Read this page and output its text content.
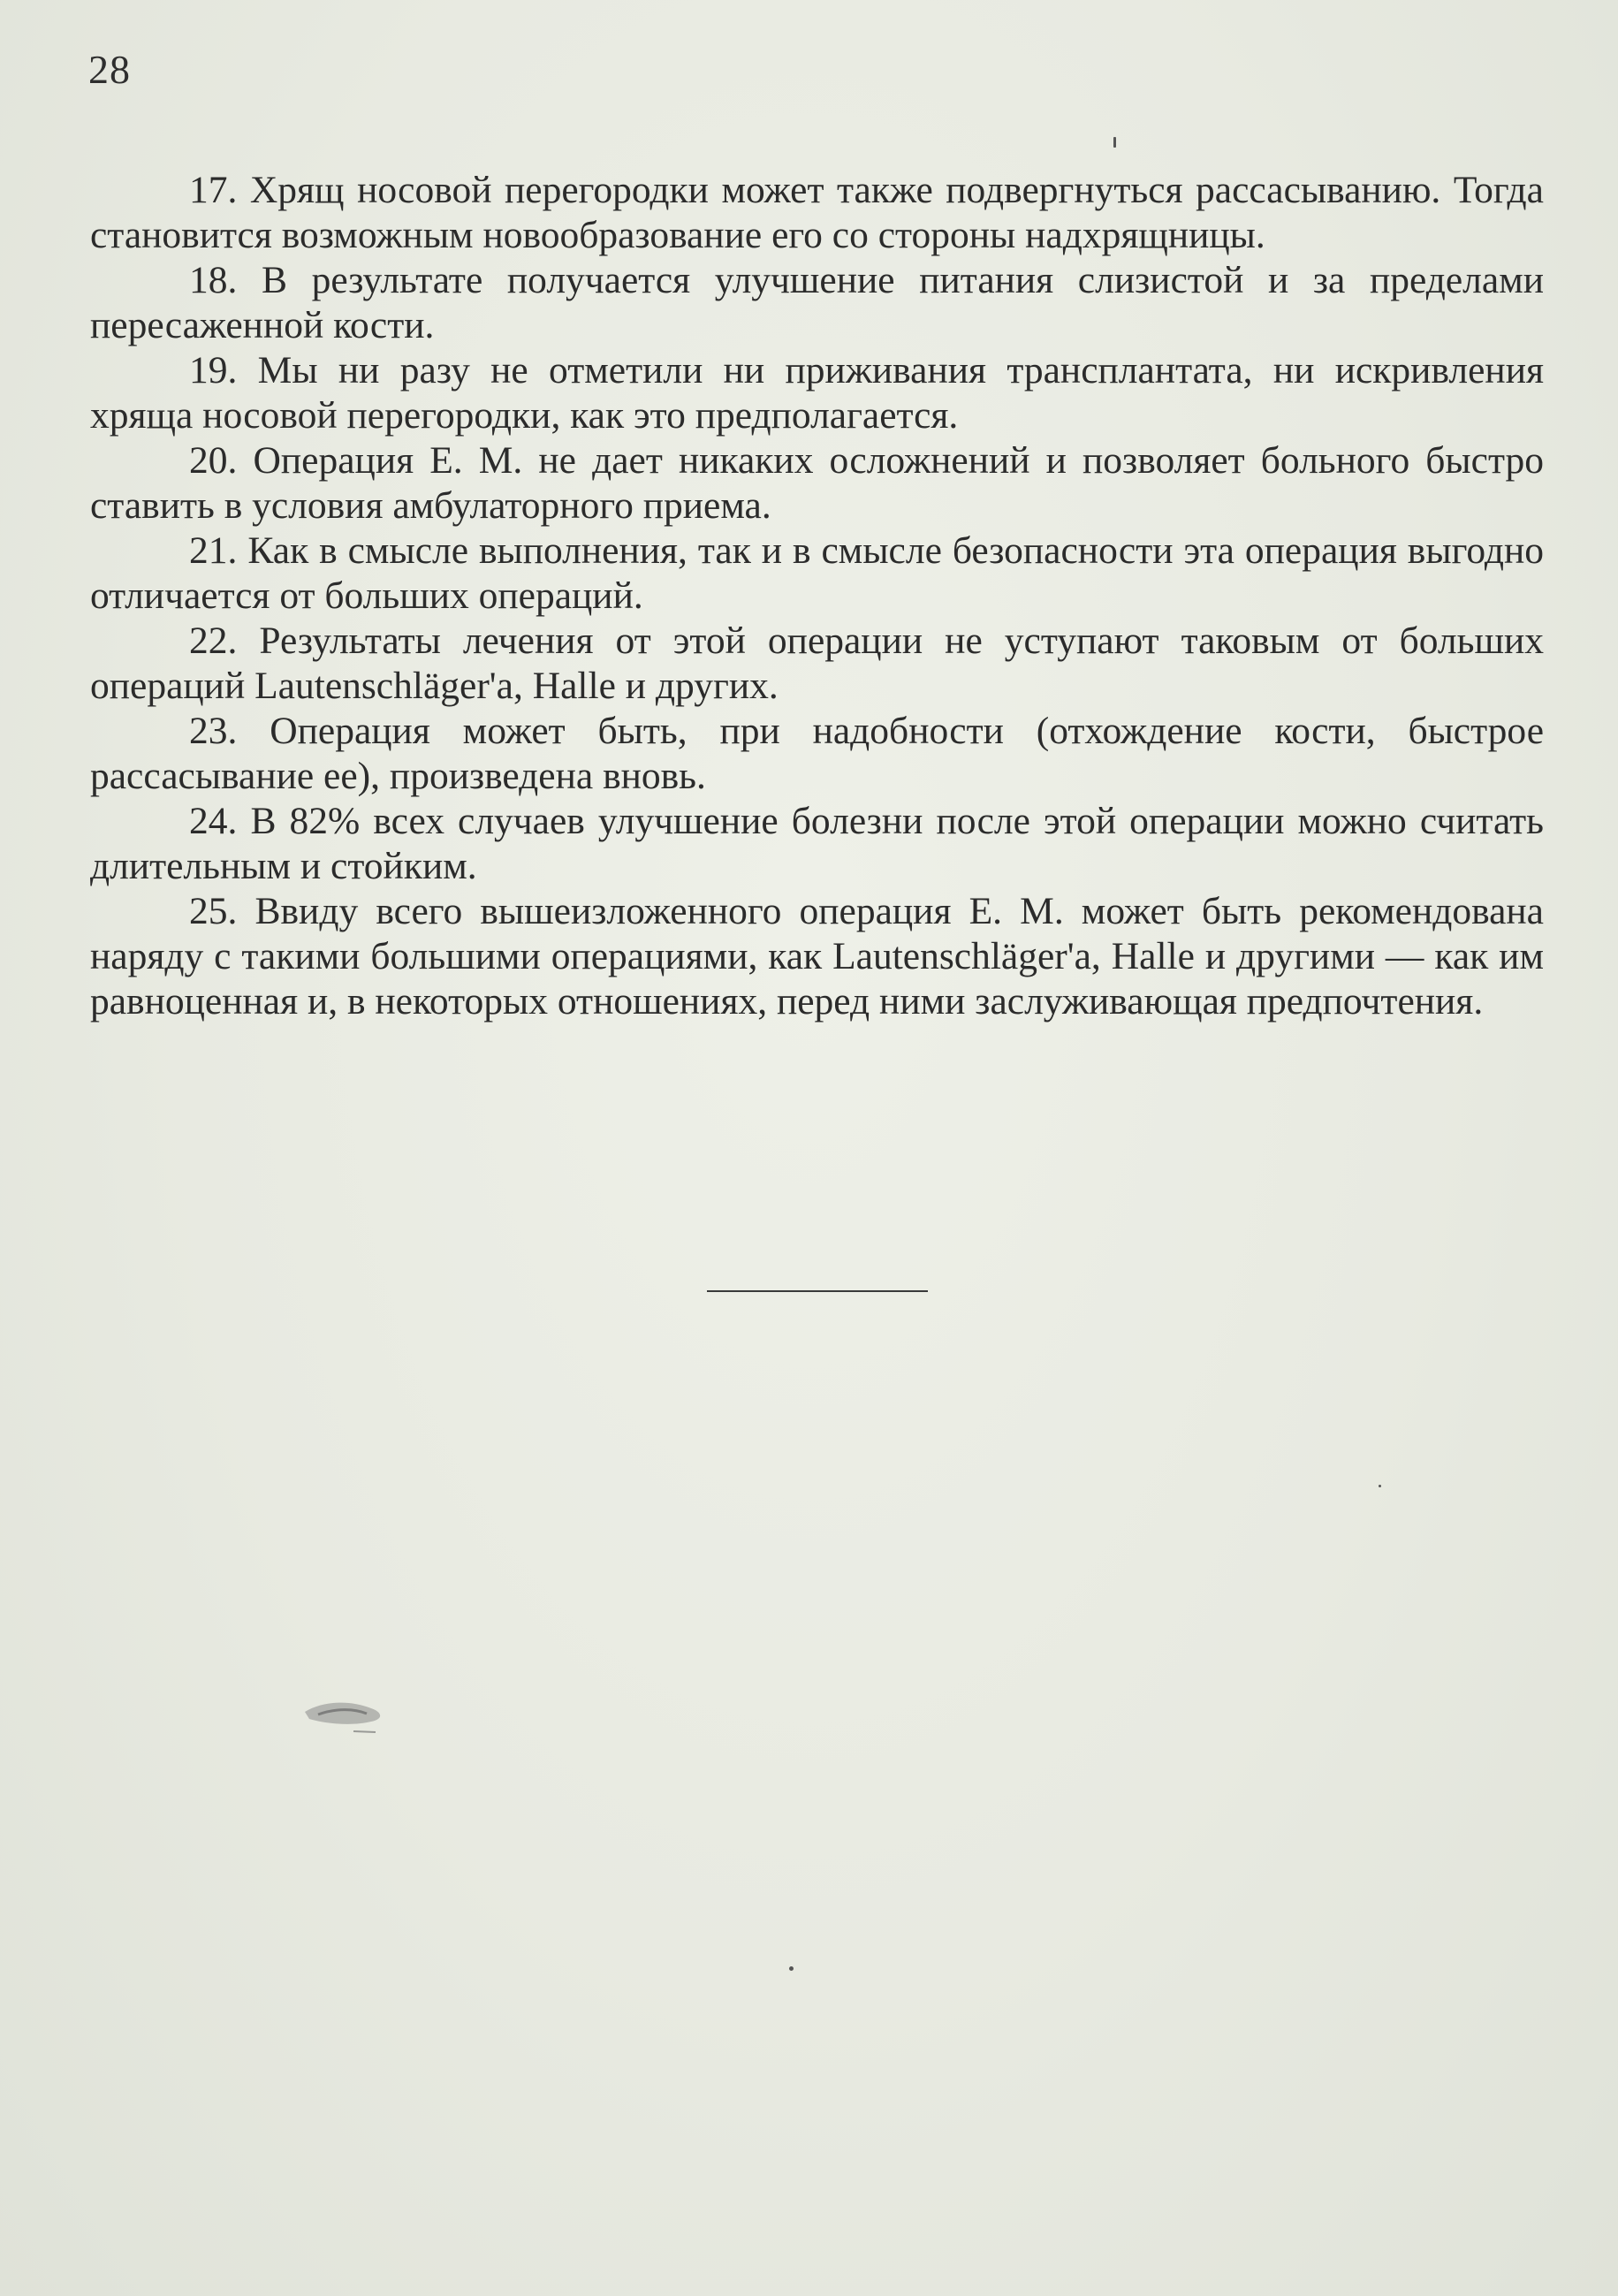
28

17. Хрящ носовой перегородки может также подвергнуться рассасыванию. Тогда становится возможным новообразование его со стороны надхрящницы.

18. В результате получается улучшение питания слизистой и за пределами пересаженной кости.

19. Мы ни разу не отметили ни приживания трансплантата, ни искривления хряща носовой перегородки, как это предполагается.

20. Операция Е. М. не дает никаких осложнений и позволяет больного быстро ставить в условия амбулаторного приема.

21. Как в смысле выполнения, так и в смысле безопасности эта операция выгодно отличается от больших операций.

22. Результаты лечения от этой операции не уступают таковым от больших операций Lautenschläger'а, Halle и других.

23. Операция может быть, при надобности (отхождение кости, быстрое рассасывание ее), произведена вновь.

24. В 82% всех случаев улучшение болезни после этой операции можно считать длительным и стойким.

25. Ввиду всего вышеизложенного операция Е. М. может быть рекомендована наряду с такими большими операциями, как Lautenschläger'а, Halle и другими — как им равноценная и, в некоторых отношениях, перед ними заслуживающая предпочтения.
